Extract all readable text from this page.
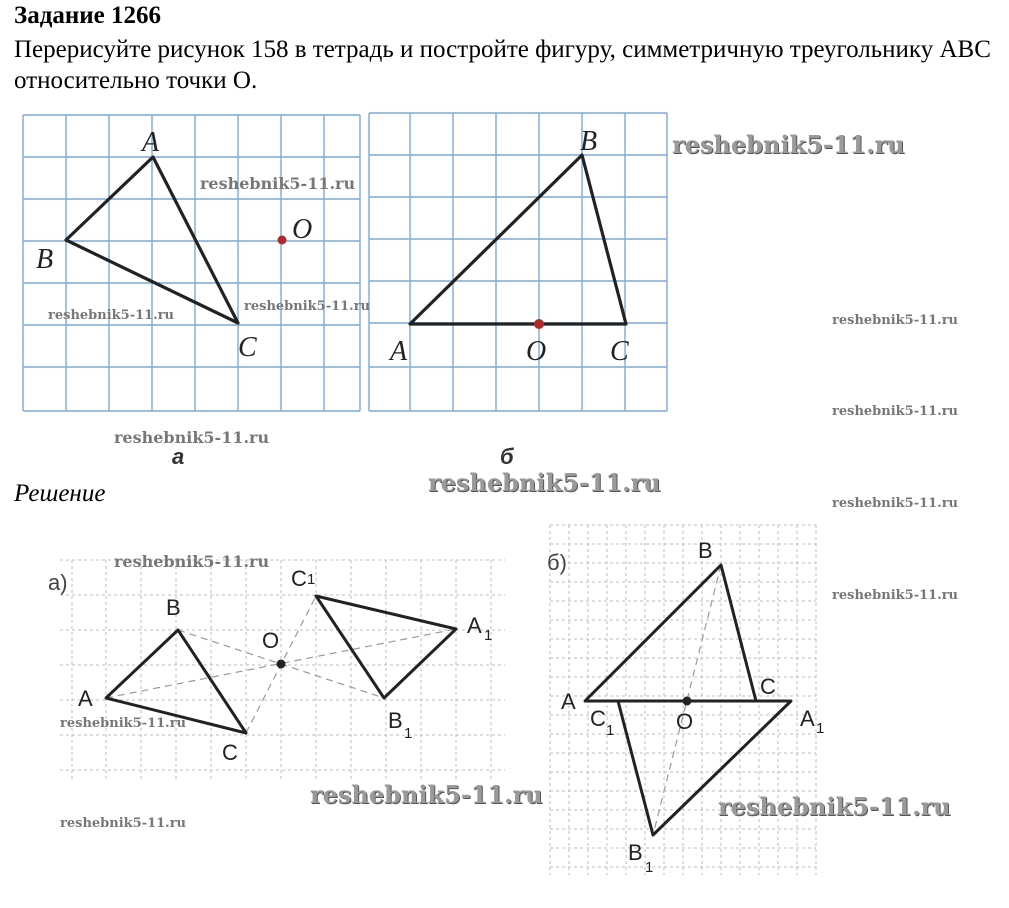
Задание 1266

Перерисуйте рисунок 158 в тетрадь и постройте фигуру, симметричную треугольнику АВС относительно точки О.

A
B
C
O
A
B
C
O
а)
A
B
C
O
A 1
B
1
C 1
б)
A
B
C
O	A 1
B
1
C 1
а	б
Решение
reshebnik5-11.ru
reshebnik5-11.ru
reshebnik5-11.ru
reshebnik5-11.ru
reshebnik5-11.ru
reshebnik5-11.ru
reshebnik5-11.ru
reshebnik5-11.ru
reshebnik5-11.ru
reshebnik5-11.ru
reshebnik5-11.ru
reshebnik5-11.ru
reshebnik5-11.ru	reshebnik5-11.ru
reshebnik5-11.ru
